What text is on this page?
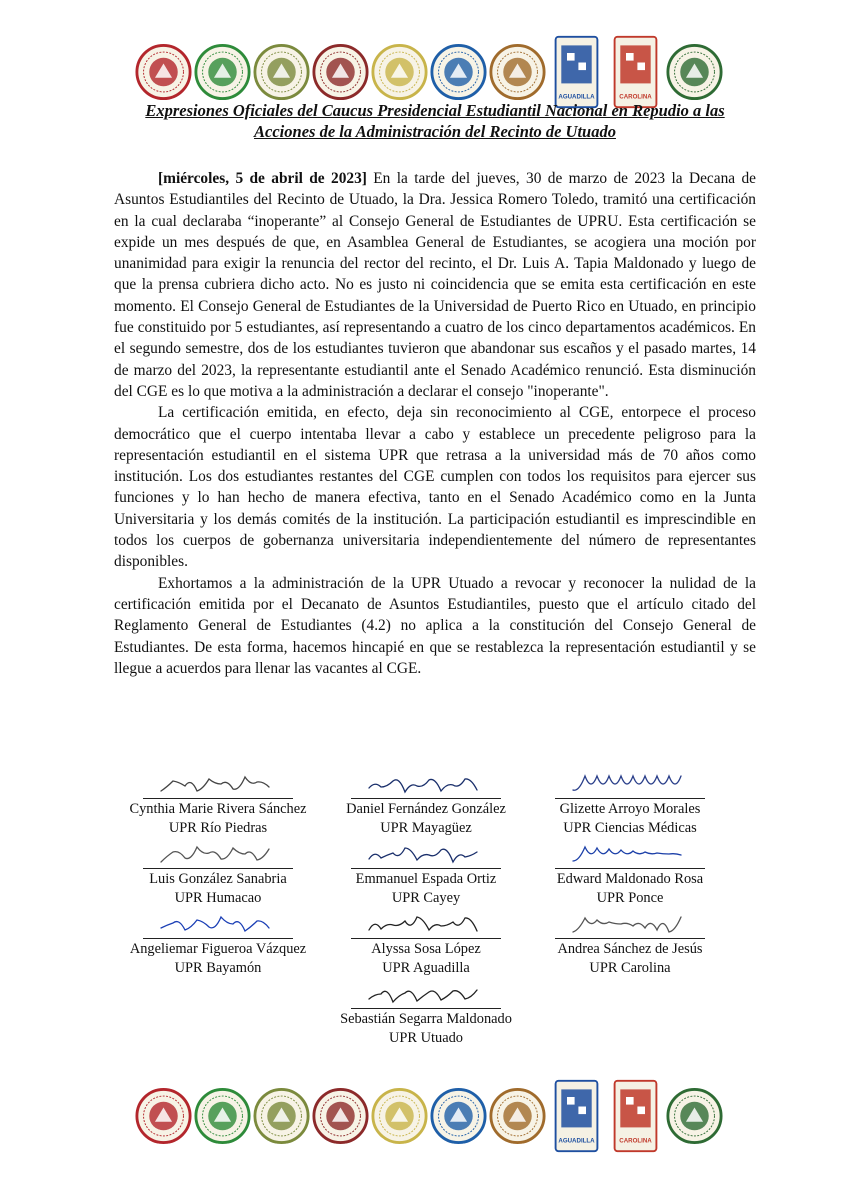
AGUADILLA	CAROLINA
Expresiones Oficiales del Caucus Presidencial Estudiantil Nacional en Repudio a las
Acciones de la Administración del Recinto de Utuado

[miércoles, 5 de abril de 2023] En la tarde del jueves, 30 de marzo de 2023 la Decana de Asuntos Estudiantiles del Recinto de Utuado, la Dra. Jessica Romero Toledo, tramitó una certificación en la cual declaraba “inoperante” al Consejo General de Estudiantes de UPRU. Esta certificación se expide un mes después de que, en Asamblea General de Estudiantes, se acogiera una moción por unanimidad para exigir la renuncia del rector del recinto, el Dr. Luis A. Tapia Maldonado y luego de que la prensa cubriera dicho acto. No es justo ni coincidencia que se emita esta certificación en este momento. El Consejo General de Estudiantes de la Universidad de Puerto Rico en Utuado, en principio fue constituido por 5 estudiantes, así representando a cuatro de los cinco departamentos académicos. En el segundo semestre, dos de los estudiantes tuvieron que abandonar sus escaños y el pasado martes, 14 de marzo del 2023, la representante estudiantil ante el Senado Académico renunció. Esta disminución del CGE es lo que motiva a la administración a declarar el consejo "inoperante".

La certificación emitida, en efecto, deja sin reconocimiento al CGE, entorpece el proceso democrático que el cuerpo intentaba llevar a cabo y establece un precedente peligroso para la representación estudiantil en el sistema UPR que retrasa a la universidad más de 70 años como institución. Los dos estudiantes restantes del CGE cumplen con todos los requisitos para ejercer sus funciones y lo han hecho de manera efectiva, tanto en el Senado Académico como en la Junta Universitaria y los demás comités de la institución. La participación estudiantil es imprescindible en todos los cuerpos de gobernanza universitaria independientemente del número de representantes disponibles.

Exhortamos a la administración de la UPR Utuado a revocar y reconocer la nulidad de la certificación emitida por el Decanato de Asuntos Estudiantiles, puesto que el artículo citado del Reglamento General de Estudiantes (4.2) no aplica a la constitución del Consejo General de Estudiantes. De esta forma, hacemos hincapié en que se restablezca la representación estudiantil y se llegue a acuerdos para llenar las vacantes al CGE.

Cynthia Marie Rivera Sánchez
UPR Río Piedras
Daniel Fernández González
UPR Mayagüez
Glizette Arroyo Morales
UPR Ciencias Médicas
Luis González Sanabria
UPR Humacao
Emmanuel Espada Ortiz
UPR Cayey
Edward Maldonado Rosa
UPR Ponce
Angeliemar Figueroa Vázquez
UPR Bayamón
Alyssa Sosa López
UPR Aguadilla
Andrea Sánchez de Jesús
UPR Carolina
Sebastián Segarra Maldonado
UPR Utuado
AGUADILLA	CAROLINA
